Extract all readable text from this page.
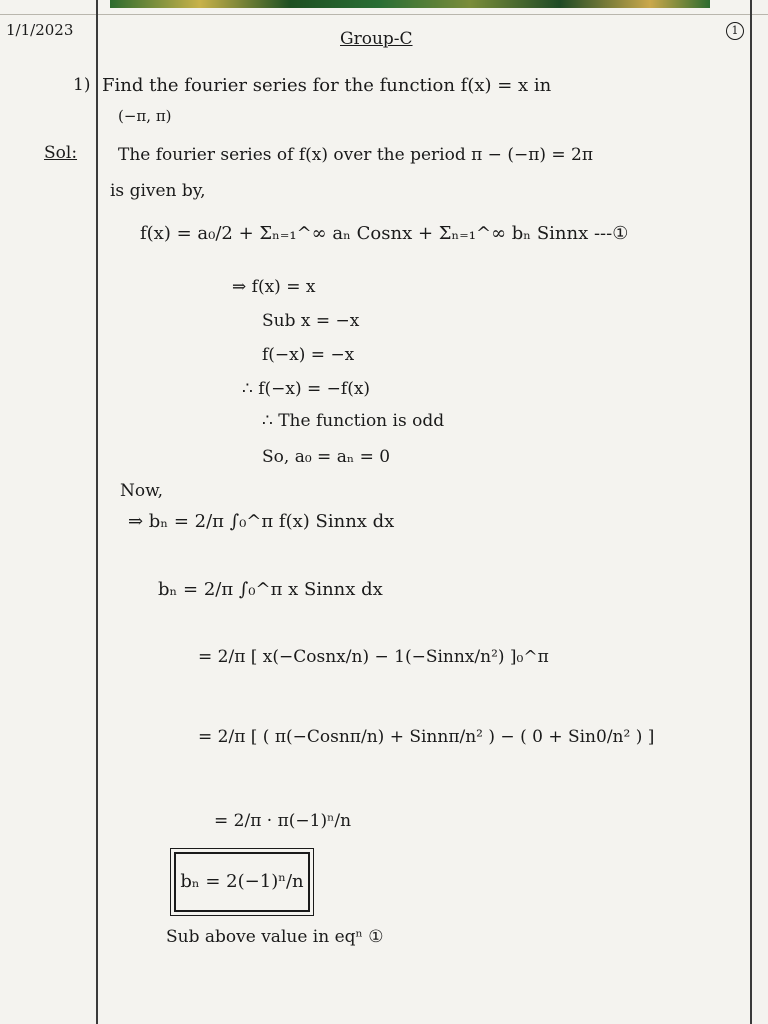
1/1/2023	Group-C	1
1) Find the fourier series for the function f(x) = x in
(−π, π)
Sol: The fourier series of f(x) over the period π − (−π) = 2π
is given by,
f(x) = a₀/2 + Σₙ₌₁^∞ aₙ Cosnx + Σₙ₌₁^∞ bₙ Sinnx ---①
⇒ f(x) = x
Sub x = −x
f(−x) = −x
∴ f(−x) = −f(x)
∴ The function is odd
So, a₀ = aₙ = 0
Now,
⇒ bₙ = 2/π ∫₀^π f(x) Sinnx dx
bₙ = 2/π ∫₀^π x Sinnx dx
= 2/π [ x(−Cosnx/n) − 1(−Sinnx/n²) ]₀^π
= 2/π [ ( π(−Cosnπ/n) + Sinnπ/n² ) − ( 0 + Sin0/n² ) ]
= 2/π · π(−1)ⁿ/n
bₙ = 2(−1)ⁿ/n
Sub above value in eqⁿ ①
